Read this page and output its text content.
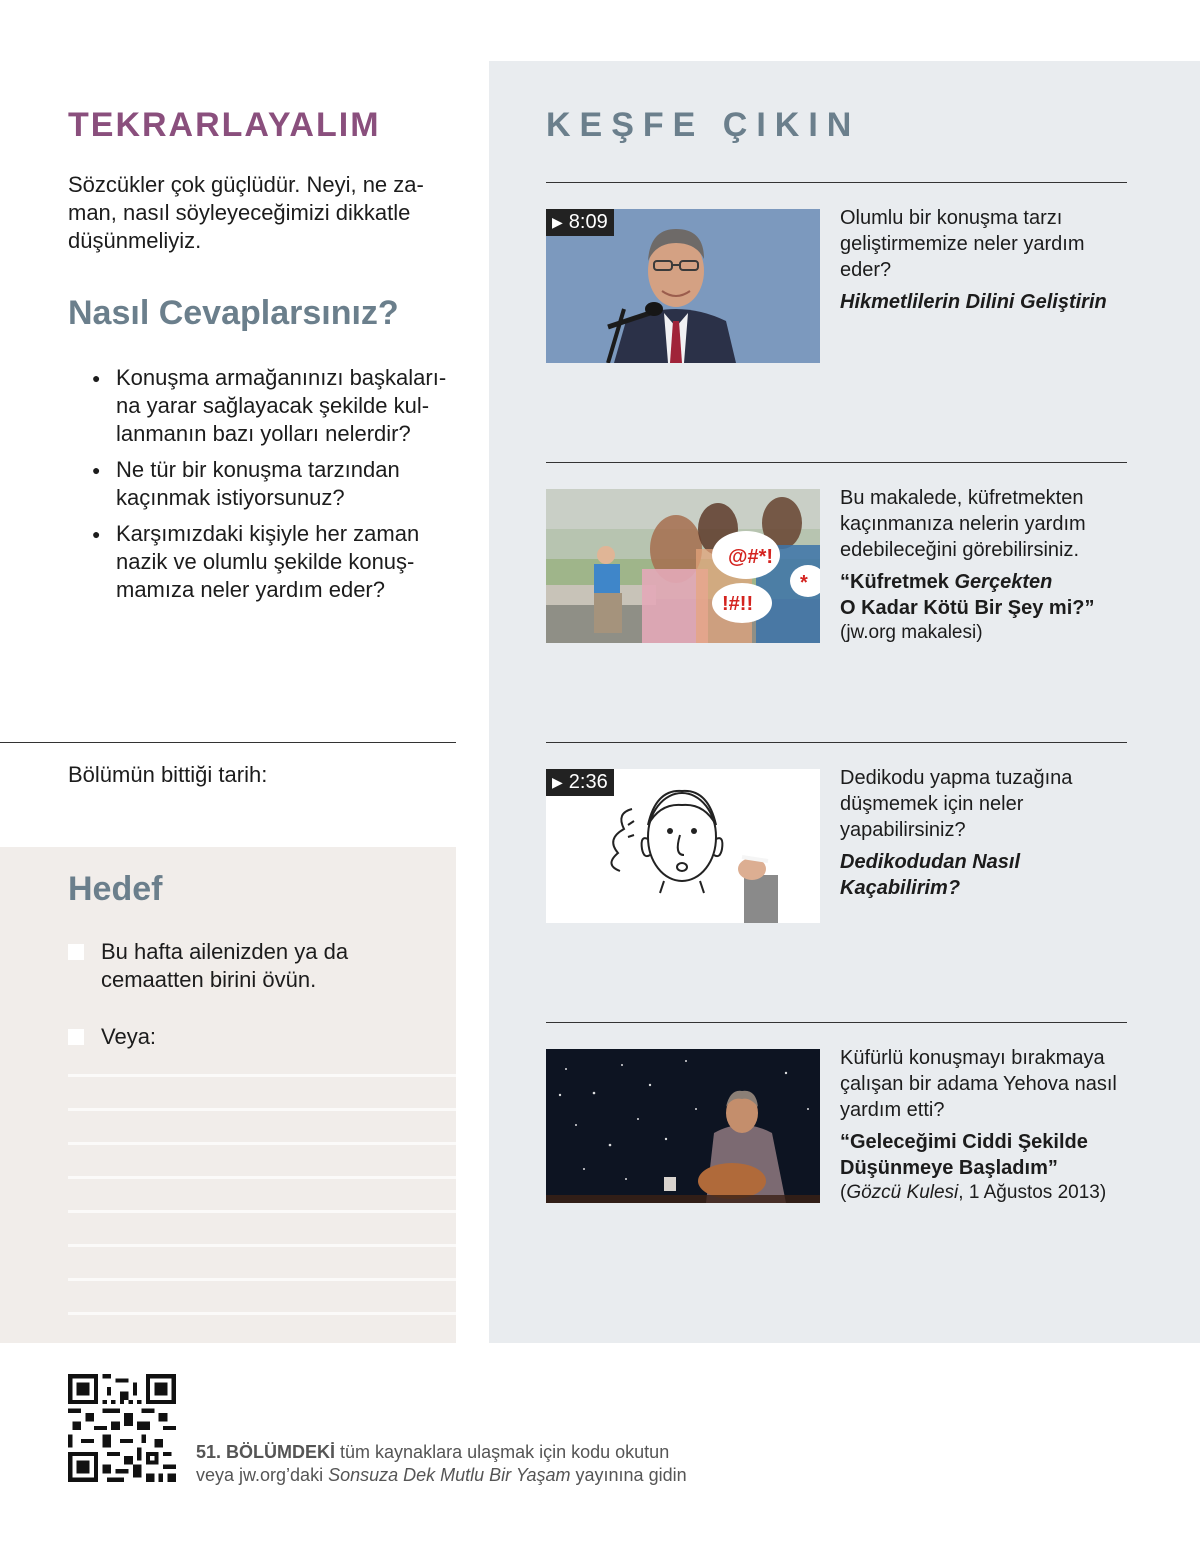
TEKRARLAYALIM
Sözcükler çok güçlüdür. Neyi, ne za-man, nasıl söyleyeceğimizi dikkatle düşünmeliyiz.
Nasıl Cevaplarsınız?
● Konuşma armağanınızı başkaları-na yarar sağlayacak şekilde kul-lanmanın bazı yolları nelerdir?
● Ne tür bir konuşma tarzından kaçınmak istiyorsunuz?
● Karşımızdaki kişiyle her zaman nazik ve olumlu şekilde konuş-mamıza neler yardım eder?
Bölümün bittiği tarih:
Hedef
Bu hafta ailenizden ya da cemaatten birini övün.
Veya:
KEŞFE ÇIKIN
▶ 8:09	Olumlu bir konuşma tarzı geliştirmemize neler yardım eder?
Hikmetlilerin Dilini Geliştirin
@#*!
!#!!
*
Bu makalede, küfretmekten kaçınmanıza nelerin yardım edebileceğini görebilirsiniz.
“Küfretmek Gerçekten
O Kadar Kötü Bir Şey mi?”
(jw.org makalesi)
▶ 2:36	Dedikodu yapma tuzağına düşmemek için neler yapabilirsiniz?
Dedikodudan Nasıl
Kaçabilirim?
Küfürlü konuşmayı bırakmaya çalışan bir adama Yehova nasıl yardım etti?
“Geleceğimi Ciddi Şekilde
Düşünmeye Başladım”
(Gözcü Kulesi, 1 Ağustos 2013)
51. BÖLÜMDEKİ tüm kaynaklara ulaşmak için kodu okutun
veya jw.org’daki Sonsuza Dek Mutlu Bir Yaşam yayınına gidin
